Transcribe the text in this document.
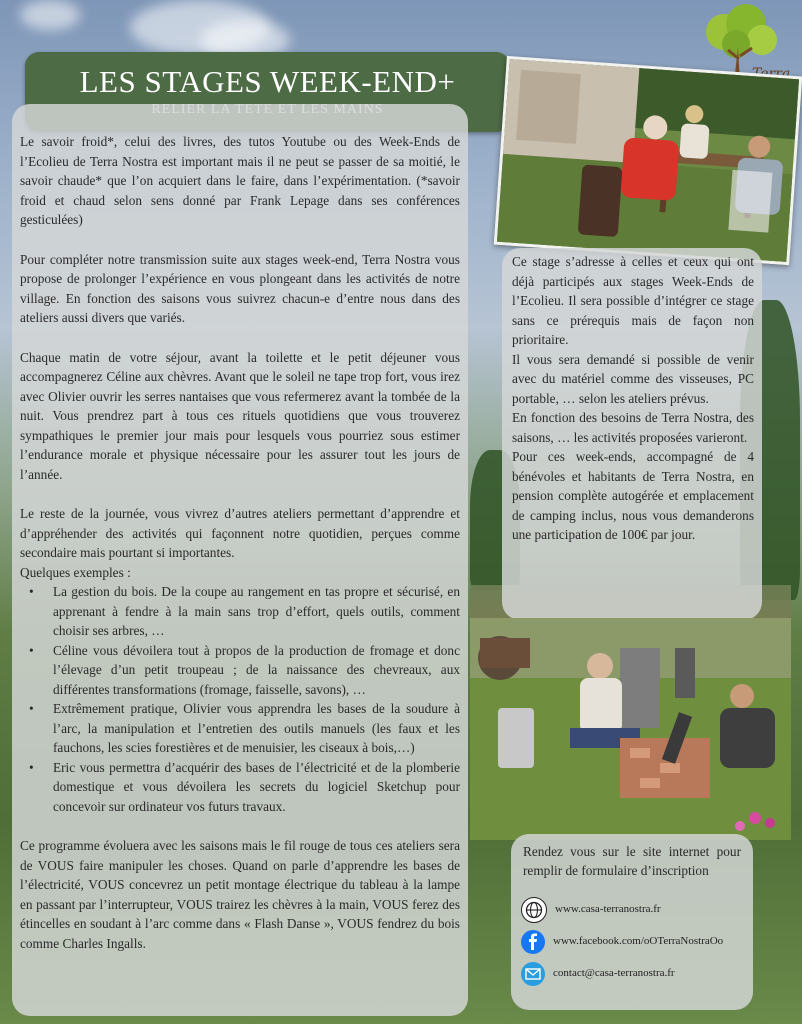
LES STAGES WEEK-END+	Terra

Le savoir froid*, celui des livres, des tutos Youtube ou des Week-Ends de l’Ecolieu de Terra Nostra est important mais il ne peut se passer de sa moitié, le savoir chaude* que l’on acquiert dans le faire, dans l’expérimentation. (*savoir froid et chaud selon sens donné par Frank Lepage dans ses conférences gesticulées)

Pour compléter notre transmission suite aux stages week-end, Terra Nostra vous propose de prolonger l’expérience en vous plongeant dans les activités de notre village. En fonction des saisons vous suivrez chacun-e d’entre nous dans des ateliers aussi divers que variés.

Chaque matin de votre séjour, avant la toilette et le petit déjeuner vous accompagnerez Céline aux chèvres. Avant que le soleil ne tape trop fort, vous irez avec Olivier ouvrir les serres nantaises que vous refermerez avant la tombée de la nuit. Vous prendrez part à tous ces rituels quotidiens que vous trouverez sympathiques le premier jour mais pour lesquels vous pourriez sous estimer l’endurance morale et physique nécessaire pour les assurer tout les jours de l’année.

Le reste de la journée, vous vivrez d’autres ateliers permettant d’apprendre et d’appréhender des activités qui façonnent notre quotidien, perçues comme secondaire mais pourtant si importantes.

Quelques exemples :

• La gestion du bois. De la coupe au rangement en tas propre et sécurisé, en apprenant à fendre à la main sans trop d’effort, quels outils, comment choisir ses arbres, …
• Céline vous dévoilera tout à propos de la production de fromage et donc l’élevage d’un petit troupeau ; de la naissance des chevreaux, aux différentes transformations (fromage, faisselle, savons), …
• Extrêmement pratique, Olivier vous apprendra les bases de la soudure à l’arc, la manipulation et l’entretien des outils manuels (les faux et les fauchons, les scies forestières et de menuisier, les ciseaux à bois,…)
• Eric vous permettra d’acquérir des bases de l’électricité et de la plomberie domestique et vous dévoilera les secrets du logiciel Sketchup pour concevoir sur ordinateur vos futurs travaux.

Ce programme évoluera avec les saisons mais le fil rouge de tous ces ateliers sera de VOUS faire manipuler les choses. Quand on parle d’apprendre les bases de l’électricité, VOUS concevrez un petit montage électrique du tableau à la lampe en passant par l’interrupteur, VOUS trairez les chèvres à la main, VOUS ferez des étincelles en soudant à l’arc comme dans « Flash Danse », VOUS fendrez du bois comme Charles Ingalls.

Ce stage s’adresse à celles et ceux qui ont déjà participés aux stages Week-Ends de l’Ecolieu. Il sera possible d’intégrer ce stage sans ce prérequis mais de façon non prioritaire.

Il vous sera demandé si possible de venir avec du matériel comme des visseuses, PC portable, … selon les ateliers prévus.

En fonction des besoins de Terra Nostra, des saisons, … les activités proposées varieront.

Pour ces week-ends, accompagné de 4 bénévoles et habitants de Terra Nostra, en pension complète autogérée et emplacement de camping inclus, nous vous demanderons une participation de 100€ par jour.

Rendez vous sur le site internet pour remplir de formulaire d’inscription

www.casa-terranostra.fr
www.facebook.com/oOTerraNostraOo
contact@casa-terranostra.fr
